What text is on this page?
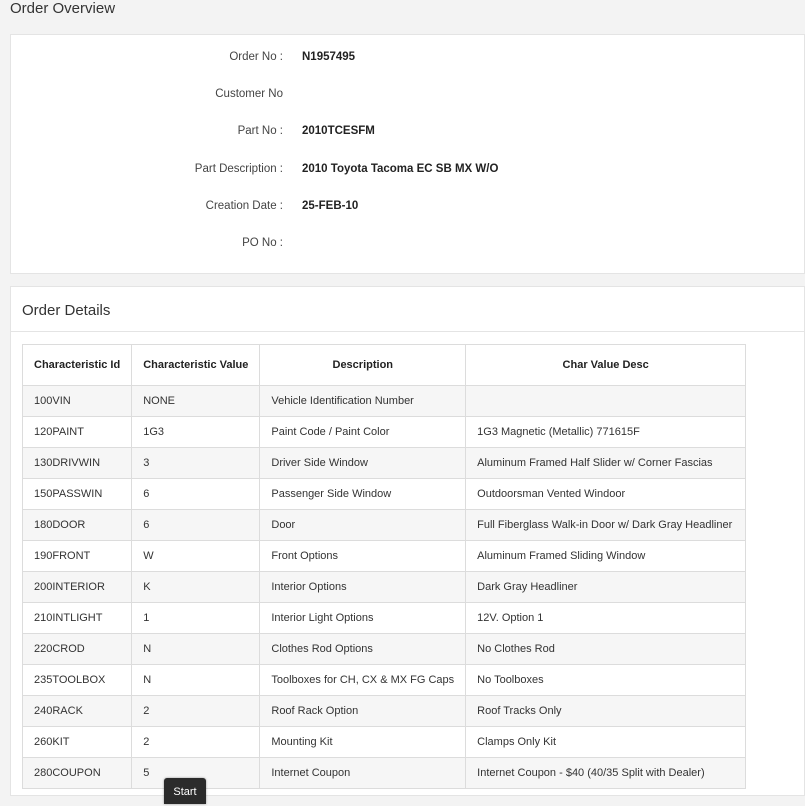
Order Overview
Order No : N1957495
Customer No
Part No : 2010TCESFM
Part Description : 2010 Toyota Tacoma EC SB MX W/O
Creation Date : 25-FEB-10
PO No :
Order Details
Characteristic Id	Characteristic Value	Description	Char Value Desc
100VIN	NONE	Vehicle Identification Number	
120PAINT	1G3	Paint Code / Paint Color	1G3 Magnetic (Metallic) 771615F
130DRIVWIN	3	Driver Side Window	Aluminum Framed Half Slider w/ Corner Fascias
150PASSWIN	6	Passenger Side Window	Outdoorsman Vented Windoor
180DOOR	6	Door	Full Fiberglass Walk-in Door w/ Dark Gray Headliner
190FRONT	W	Front Options	Aluminum Framed Sliding Window
200INTERIOR	K	Interior Options	Dark Gray Headliner
210INTLIGHT	1	Interior Light Options	12V. Option 1
220CROD	N	Clothes Rod Options	No Clothes Rod
235TOOLBOX	N	Toolboxes for CH, CX & MX FG Caps	No Toolboxes
240RACK	2	Roof Rack Option	Roof Tracks Only
260KIT	2	Mounting Kit	Clamps Only Kit
280COUPON	5	Internet Coupon	Internet Coupon - $40 (40/35 Split with Dealer)
Start
